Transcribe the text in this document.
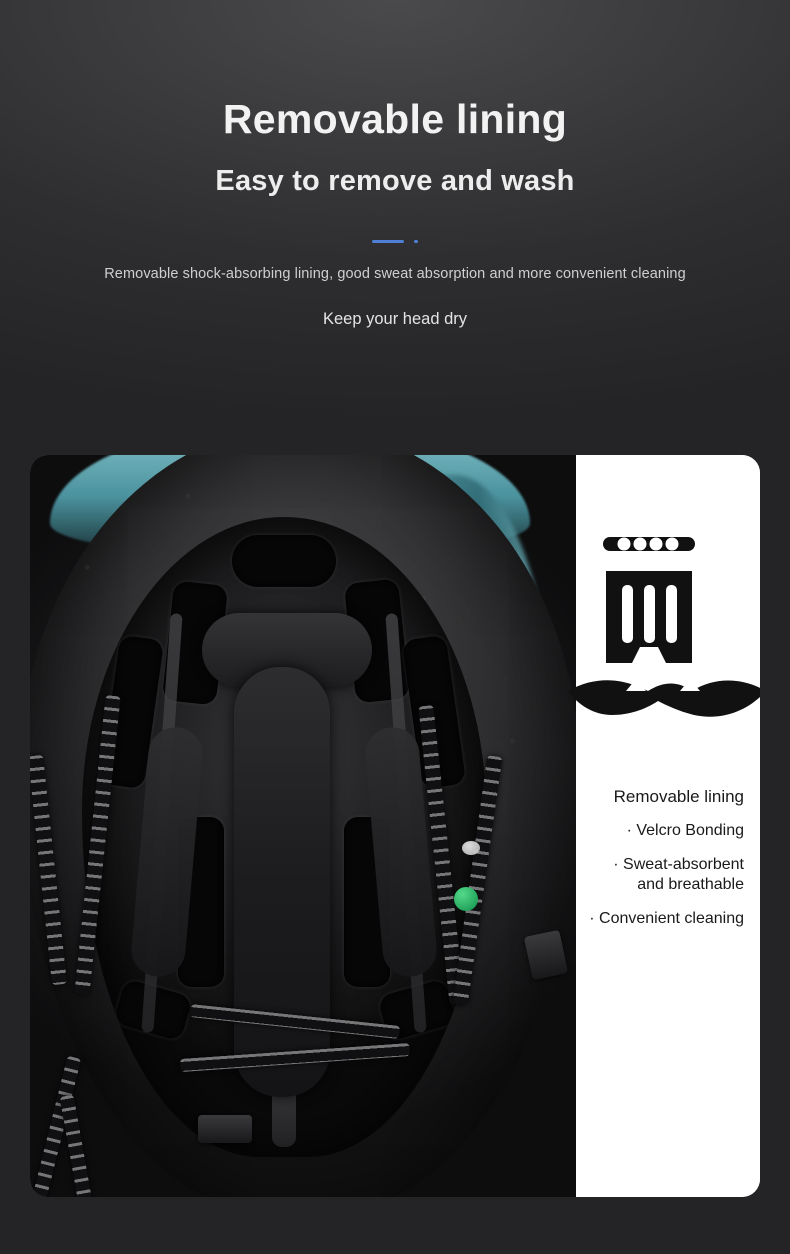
Removable lining
Easy to remove and wash

Removable shock-absorbing lining, good sweat absorption and more convenient cleaning

Keep your head dry

Removable lining

· Velcro Bonding

· Sweat-absorbent
and breathable

· Convenient cleaning
